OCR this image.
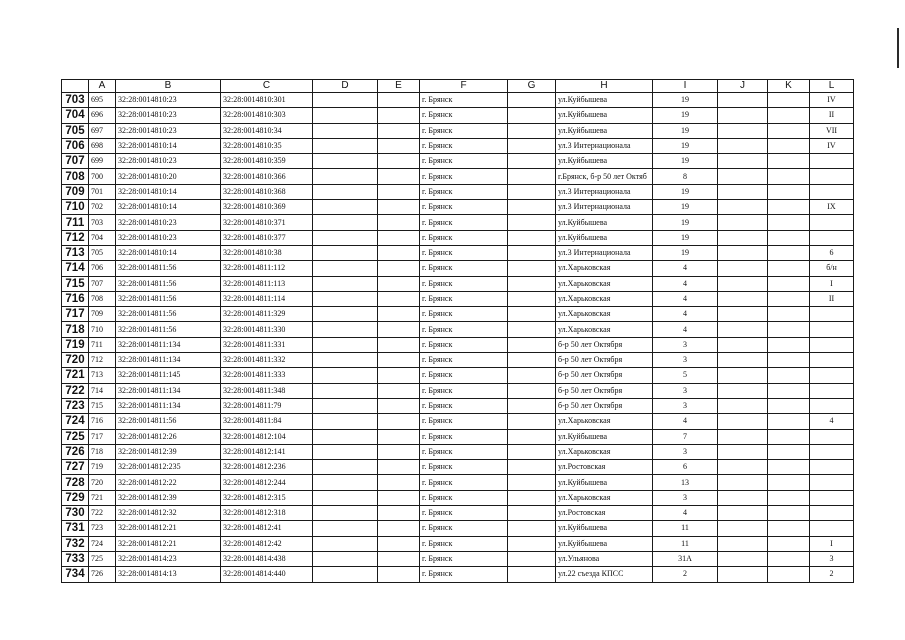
	A	B	C	D	E	F	G	H	I	J	K	L
703	695	32:28:0014810:23	32:28:0014810:301			г. Брянск		ул.Куйбышева	19			IV
704	696	32:28:0014810:23	32:28:0014810:303			г. Брянск		ул.Куйбышева	19			II
705	697	32:28:0014810:23	32:28:0014810:34			г. Брянск		ул.Куйбышева	19			VII
706	698	32:28:0014810:14	32:28:0014810:35			г. Брянск		ул.3 Интернационала	19			IV
707	699	32:28:0014810:23	32:28:0014810:359			г. Брянск		ул.Куйбышева	19			
708	700	32:28:0014810:20	32:28:0014810:366			г. Брянск		г.Брянск, б-р 50 лет Октяб	8			
709	701	32:28:0014810:14	32:28:0014810:368			г. Брянск		ул.3 Интернационала	19			
710	702	32:28:0014810:14	32:28:0014810:369			г. Брянск		ул.3 Интернационала	19			IX
711	703	32:28:0014810:23	32:28:0014810:371			г. Брянск		ул.Куйбышева	19			
712	704	32:28:0014810:23	32:28:0014810:377			г. Брянск		ул.Куйбышева	19			
713	705	32:28:0014810:14	32:28:0014810:38			г. Брянск		ул.3 Интернационала	19			6
714	706	32:28:0014811:56	32:28:0014811:112			г. Брянск		ул.Харьковская	4			б/н
715	707	32:28:0014811:56	32:28:0014811:113			г. Брянск		ул.Харьковская	4			I
716	708	32:28:0014811:56	32:28:0014811:114			г. Брянск		ул.Харьковская	4			II
717	709	32:28:0014811:56	32:28:0014811:329			г. Брянск		ул.Харьковская	4			
718	710	32:28:0014811:56	32:28:0014811:330			г. Брянск		ул.Харьковская	4			
719	711	32:28:0014811:134	32:28:0014811:331			г. Брянск		б-р 50 лет Октября	3			
720	712	32:28:0014811:134	32:28:0014811:332			г. Брянск		б-р 50 лет Октября	3			
721	713	32:28:0014811:145	32:28:0014811:333			г. Брянск		б-р 50 лет Октября	5			
722	714	32:28:0014811:134	32:28:0014811:348			г. Брянск		б-р 50 лет Октября	3			
723	715	32:28:0014811:134	32:28:0014811:79			г. Брянск		б-р 50 лет Октября	3			
724	716	32:28:0014811:56	32:28:0014811:84			г. Брянск		ул.Харьковская	4			4
725	717	32:28:0014812:26	32:28:0014812:104			г. Брянск		ул.Куйбышева	7			
726	718	32:28:0014812:39	32:28:0014812:141			г. Брянск		ул.Харьковская	3			
727	719	32:28:0014812:235	32:28:0014812:236			г. Брянск		ул.Ростовская	6			
728	720	32:28:0014812:22	32:28:0014812:244			г. Брянск		ул.Куйбышева	13			
729	721	32:28:0014812:39	32:28:0014812:315			г. Брянск		ул.Харьковская	3			
730	722	32:28:0014812:32	32:28:0014812:318			г. Брянск		ул.Ростовская	4			
731	723	32:28:0014812:21	32:28:0014812:41			г. Брянск		ул.Куйбышева	11			
732	724	32:28:0014812:21	32:28:0014812:42			г. Брянск		ул.Куйбышева	11			I
733	725	32:28:0014814:23	32:28:0014814:438			г. Брянск		ул.Ульянова	31А			3
734	726	32:28:0014814:13	32:28:0014814:440			г. Брянск		ул.22 съезда КПСС	2			2
